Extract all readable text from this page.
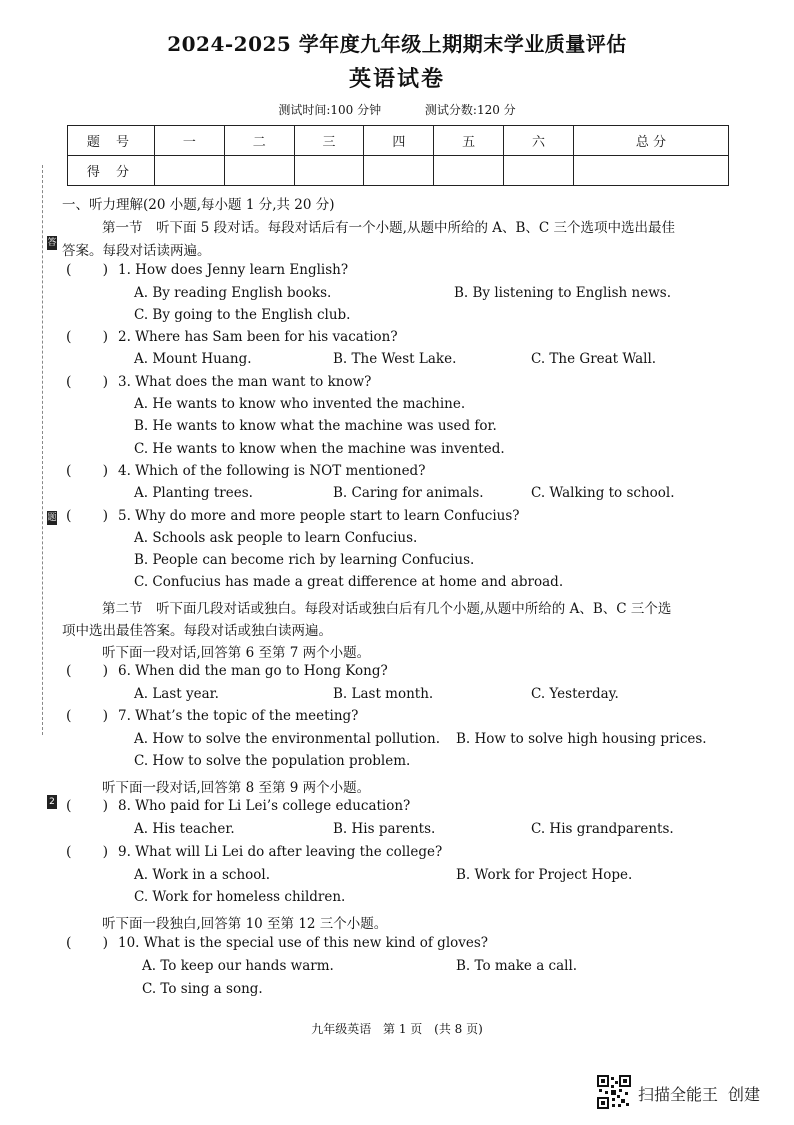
2024-2025 学年度九年级上期期末学业质量评估
英语试卷
测试时间:100 分钟	测试分数:120 分
题 号	一	二	三	四	五	六	总 分
得 分							
答
题
2
一、听力理解(20 小题,每小题 1 分,共 20 分)
第一节　听下面 5 段对话。每段对话后有一个小题,从题中所给的 A、B、C 三个选项中选出最佳
答案。每段对话读两遍。
(       ) 1. How does Jenny learn English?
A. By reading English books.	B. By listening to English news.
C. By going to the English club.
(       ) 2. Where has Sam been for his vacation?
A. Mount Huang.	B. The West Lake.	C. The Great Wall.
(       ) 3. What does the man want to know?
A. He wants to know who invented the machine.
B. He wants to know what the machine was used for.
C. He wants to know when the machine was invented.
(       ) 4. Which of the following is NOT mentioned?
A. Planting trees.	B. Caring for animals.	C. Walking to school.
(       ) 5. Why do more and more people start to learn Confucius?
A. Schools ask people to learn Confucius.
B. People can become rich by learning Confucius.
C. Confucius has made a great difference at home and abroad.
第二节　听下面几段对话或独白。每段对话或独白后有几个小题,从题中所给的 A、B、C 三个选
项中选出最佳答案。每段对话或独白读两遍。
听下面一段对话,回答第 6 至第 7 两个小题。
(       ) 6. When did the man go to Hong Kong?
A. Last year.	B. Last month.	C. Yesterday.
(       ) 7. What’s the topic of the meeting?
A. How to solve the environmental pollution. B. How to solve high housing prices.
C. How to solve the population problem.
听下面一段对话,回答第 8 至第 9 两个小题。
(       ) 8. Who paid for Li Lei’s college education?
A. His teacher.	B. His parents.	C. His grandparents.
(       ) 9. What will Li Lei do after leaving the college?
A. Work in a school.	B. Work for Project Hope.
C. Work for homeless children.
听下面一段独白,回答第 10 至第 12 三个小题。
(       ) 10. What is the special use of this new kind of gloves?
A. To keep our hands warm.	B. To make a call.
C. To sing a song.
九年级英语 第 1 页 (共 8 页)
扫描全能王 创建
